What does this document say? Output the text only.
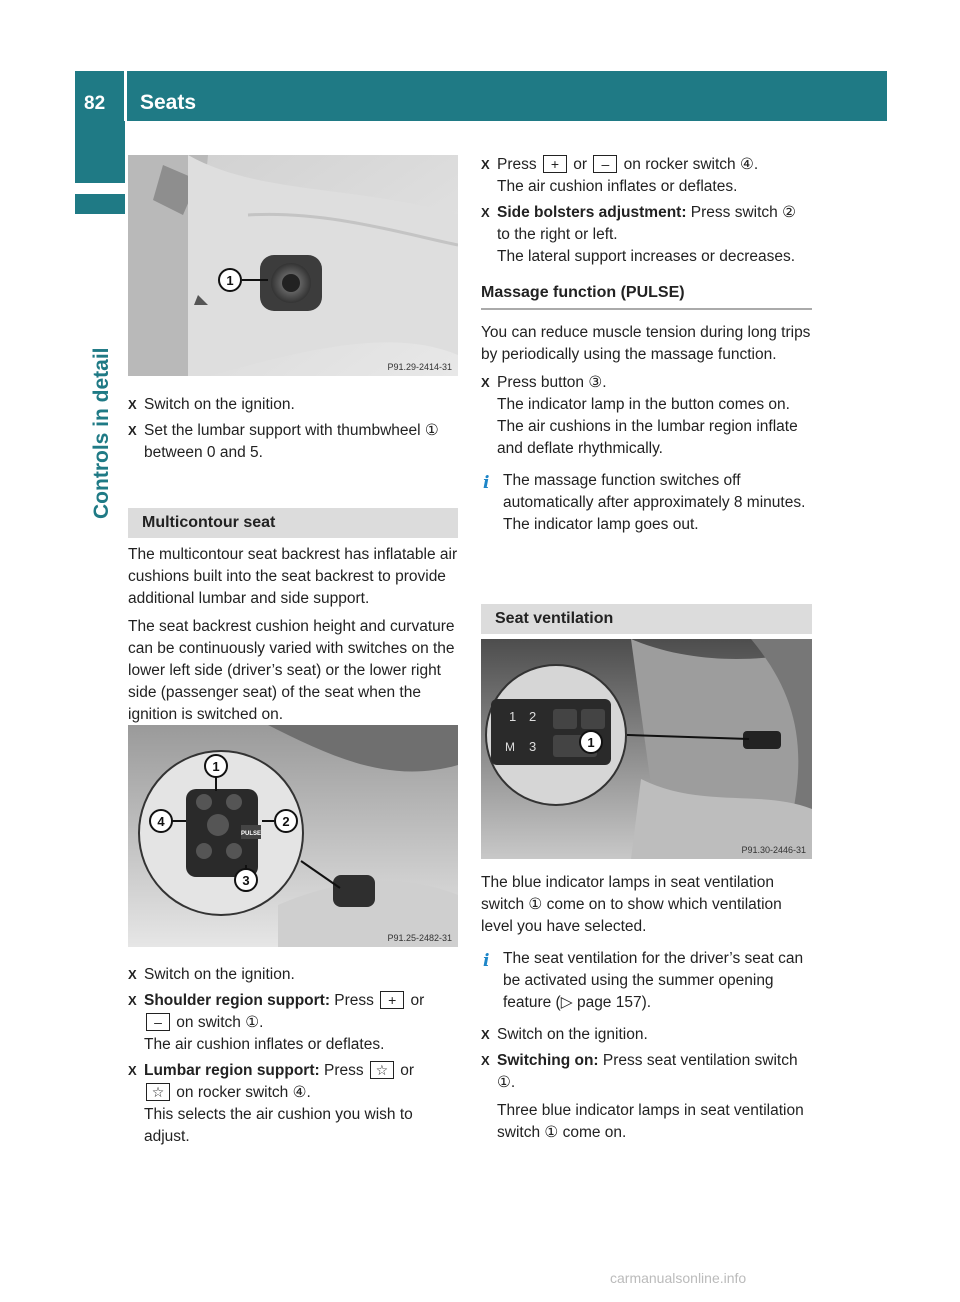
82 Seats
Controls in detail
1
P91.29-2414-31

X Switch on the ignition.

X Set the lumbar support with thumbwheel ① between 0 and 5.

Multicontour seat

The multicontour seat backrest has inflatable air cushions built into the seat backrest to provide additional lumbar and side support.

The seat backrest cushion height and curvature can be continuously varied with switches on the lower left side (driver’s seat) or the lower right side (passenger seat) of the seat when the ignition is switched on.

PULSE
1
2
3
4
P91.25-2482-31

X Switch on the ignition.

X Shoulder region support: Press + or
– on switch ①.
The air cushion inflates or deflates.

X Lumbar region support: Press ☆ or
☆ on rocker switch ④.
This selects the air cushion you wish to adjust.

X Press + or – on rocker switch ④.
The air cushion inflates or deflates.

X Side bolsters adjustment: Press switch ② to the right or left.
The lateral support increases or decreases.

Massage function (PULSE)

You can reduce muscle tension during long trips by periodically using the massage function.

X Press button ③.
The indicator lamp in the button comes on. The air cushions in the lumbar region inflate and deflate rhythmically.

i The massage function switches off automatically after approximately 8 minutes. The indicator lamp goes out.

Seat ventilation

1 2
M 3	1
P91.30-2446-31

The blue indicator lamps in seat ventilation switch ① come on to show which ventilation level you have selected.

i The seat ventilation for the driver’s seat can be activated using the summer opening feature (▷ page 157).

X Switch on the ignition.

X Switching on: Press seat ventilation switch ①.

Three blue indicator lamps in seat ventilation switch ① come on.

carmanualsonline.info
